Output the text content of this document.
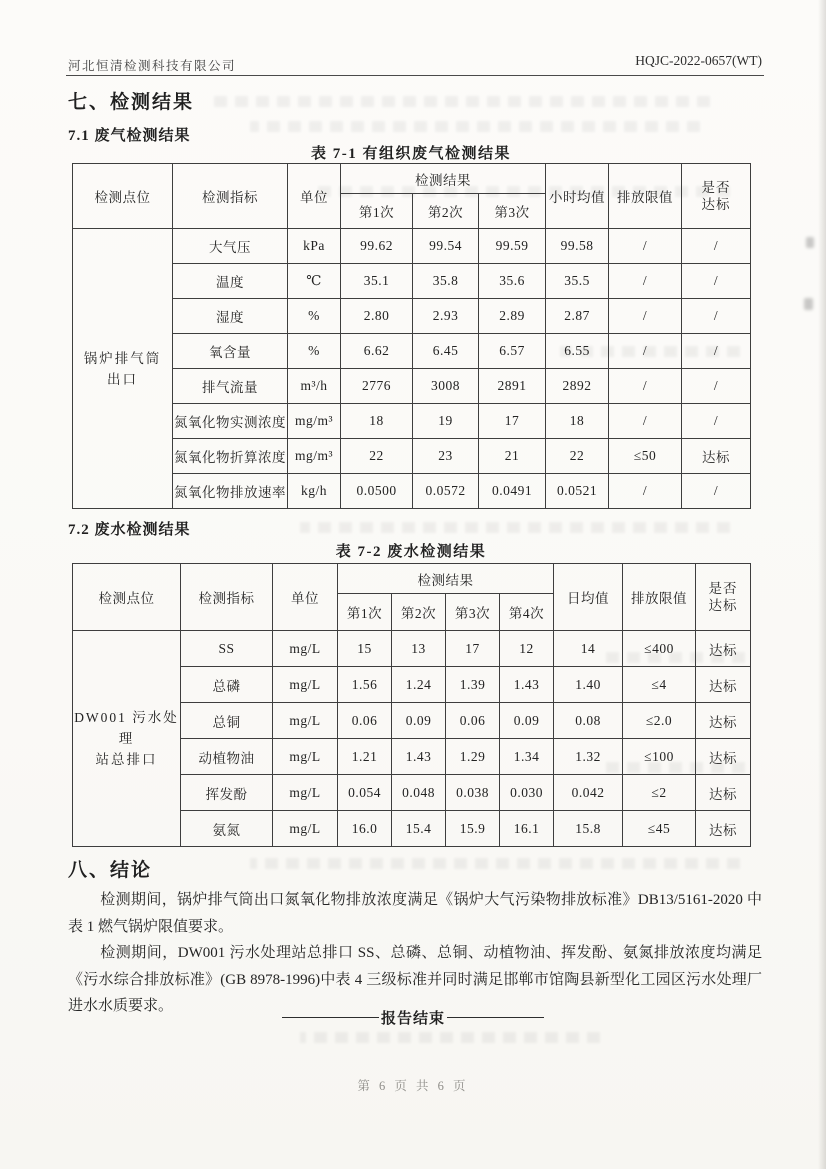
河北恒清检测科技有限公司	HQJC-2022-0657(WT)
七、检测结果
7.1 废气检测结果
表 7-1 有组织废气检测结果
检测点位	检测指标	单位	检测结果			小时均值	排放限值	是否
达标

			第1次	第2次	第3次			

锅炉排气筒
出口	大气压	kPa	99.62	99.54	99.59	99.58	/	/
	温度	℃	35.1	35.8	35.6	35.5	/	/
	湿度	%	2.80	2.93	2.89	2.87	/	/
	氧含量	%	6.62	6.45	6.57	6.55	/	/
	排气流量	m³/h	2776	3008	2891	2892	/	/
	氮氧化物实测浓度	mg/m³	18	19	17	18	/	/
	氮氧化物折算浓度	mg/m³	22	23	21	22	≤50	达标
	氮氧化物排放速率	kg/h	0.0500	0.0572	0.0491	0.0521	/	/
7.2 废水检测结果
表 7-2 废水检测结果
检测点位	检测指标	单位	检测结果				日均值	排放限值	是否
达标

			第1次	第2次	第3次	第4次			

DW001 污水处理
站总排口	SS	mg/L	15	13	17	12	14	≤400	达标
	总磷	mg/L	1.56	1.24	1.39	1.43	1.40	≤4	达标
	总铜	mg/L	0.06	0.09	0.06	0.09	0.08	≤2.0	达标
	动植物油	mg/L	1.21	1.43	1.29	1.34	1.32	≤100	达标
	挥发酚	mg/L	0.054	0.048	0.038	0.030	0.042	≤2	达标
	氨氮	mg/L	16.0	15.4	15.9	16.1	15.8	≤45	达标
八、结论

检测期间，锅炉排气筒出口氮氧化物排放浓度满足《锅炉大气污染物排放标准》DB13/5161-2020 中表 1 燃气锅炉限值要求。

检测期间，DW001 污水处理站总排口 SS、总磷、总铜、动植物油、挥发酚、氨氮排放浓度均满足《污水综合排放标准》(GB 8978-1996)中表 4 三级标准并同时满足邯郸市馆陶县新型化工园区污水处理厂进水水质要求。

报告结束
第 6 页 共 6 页
